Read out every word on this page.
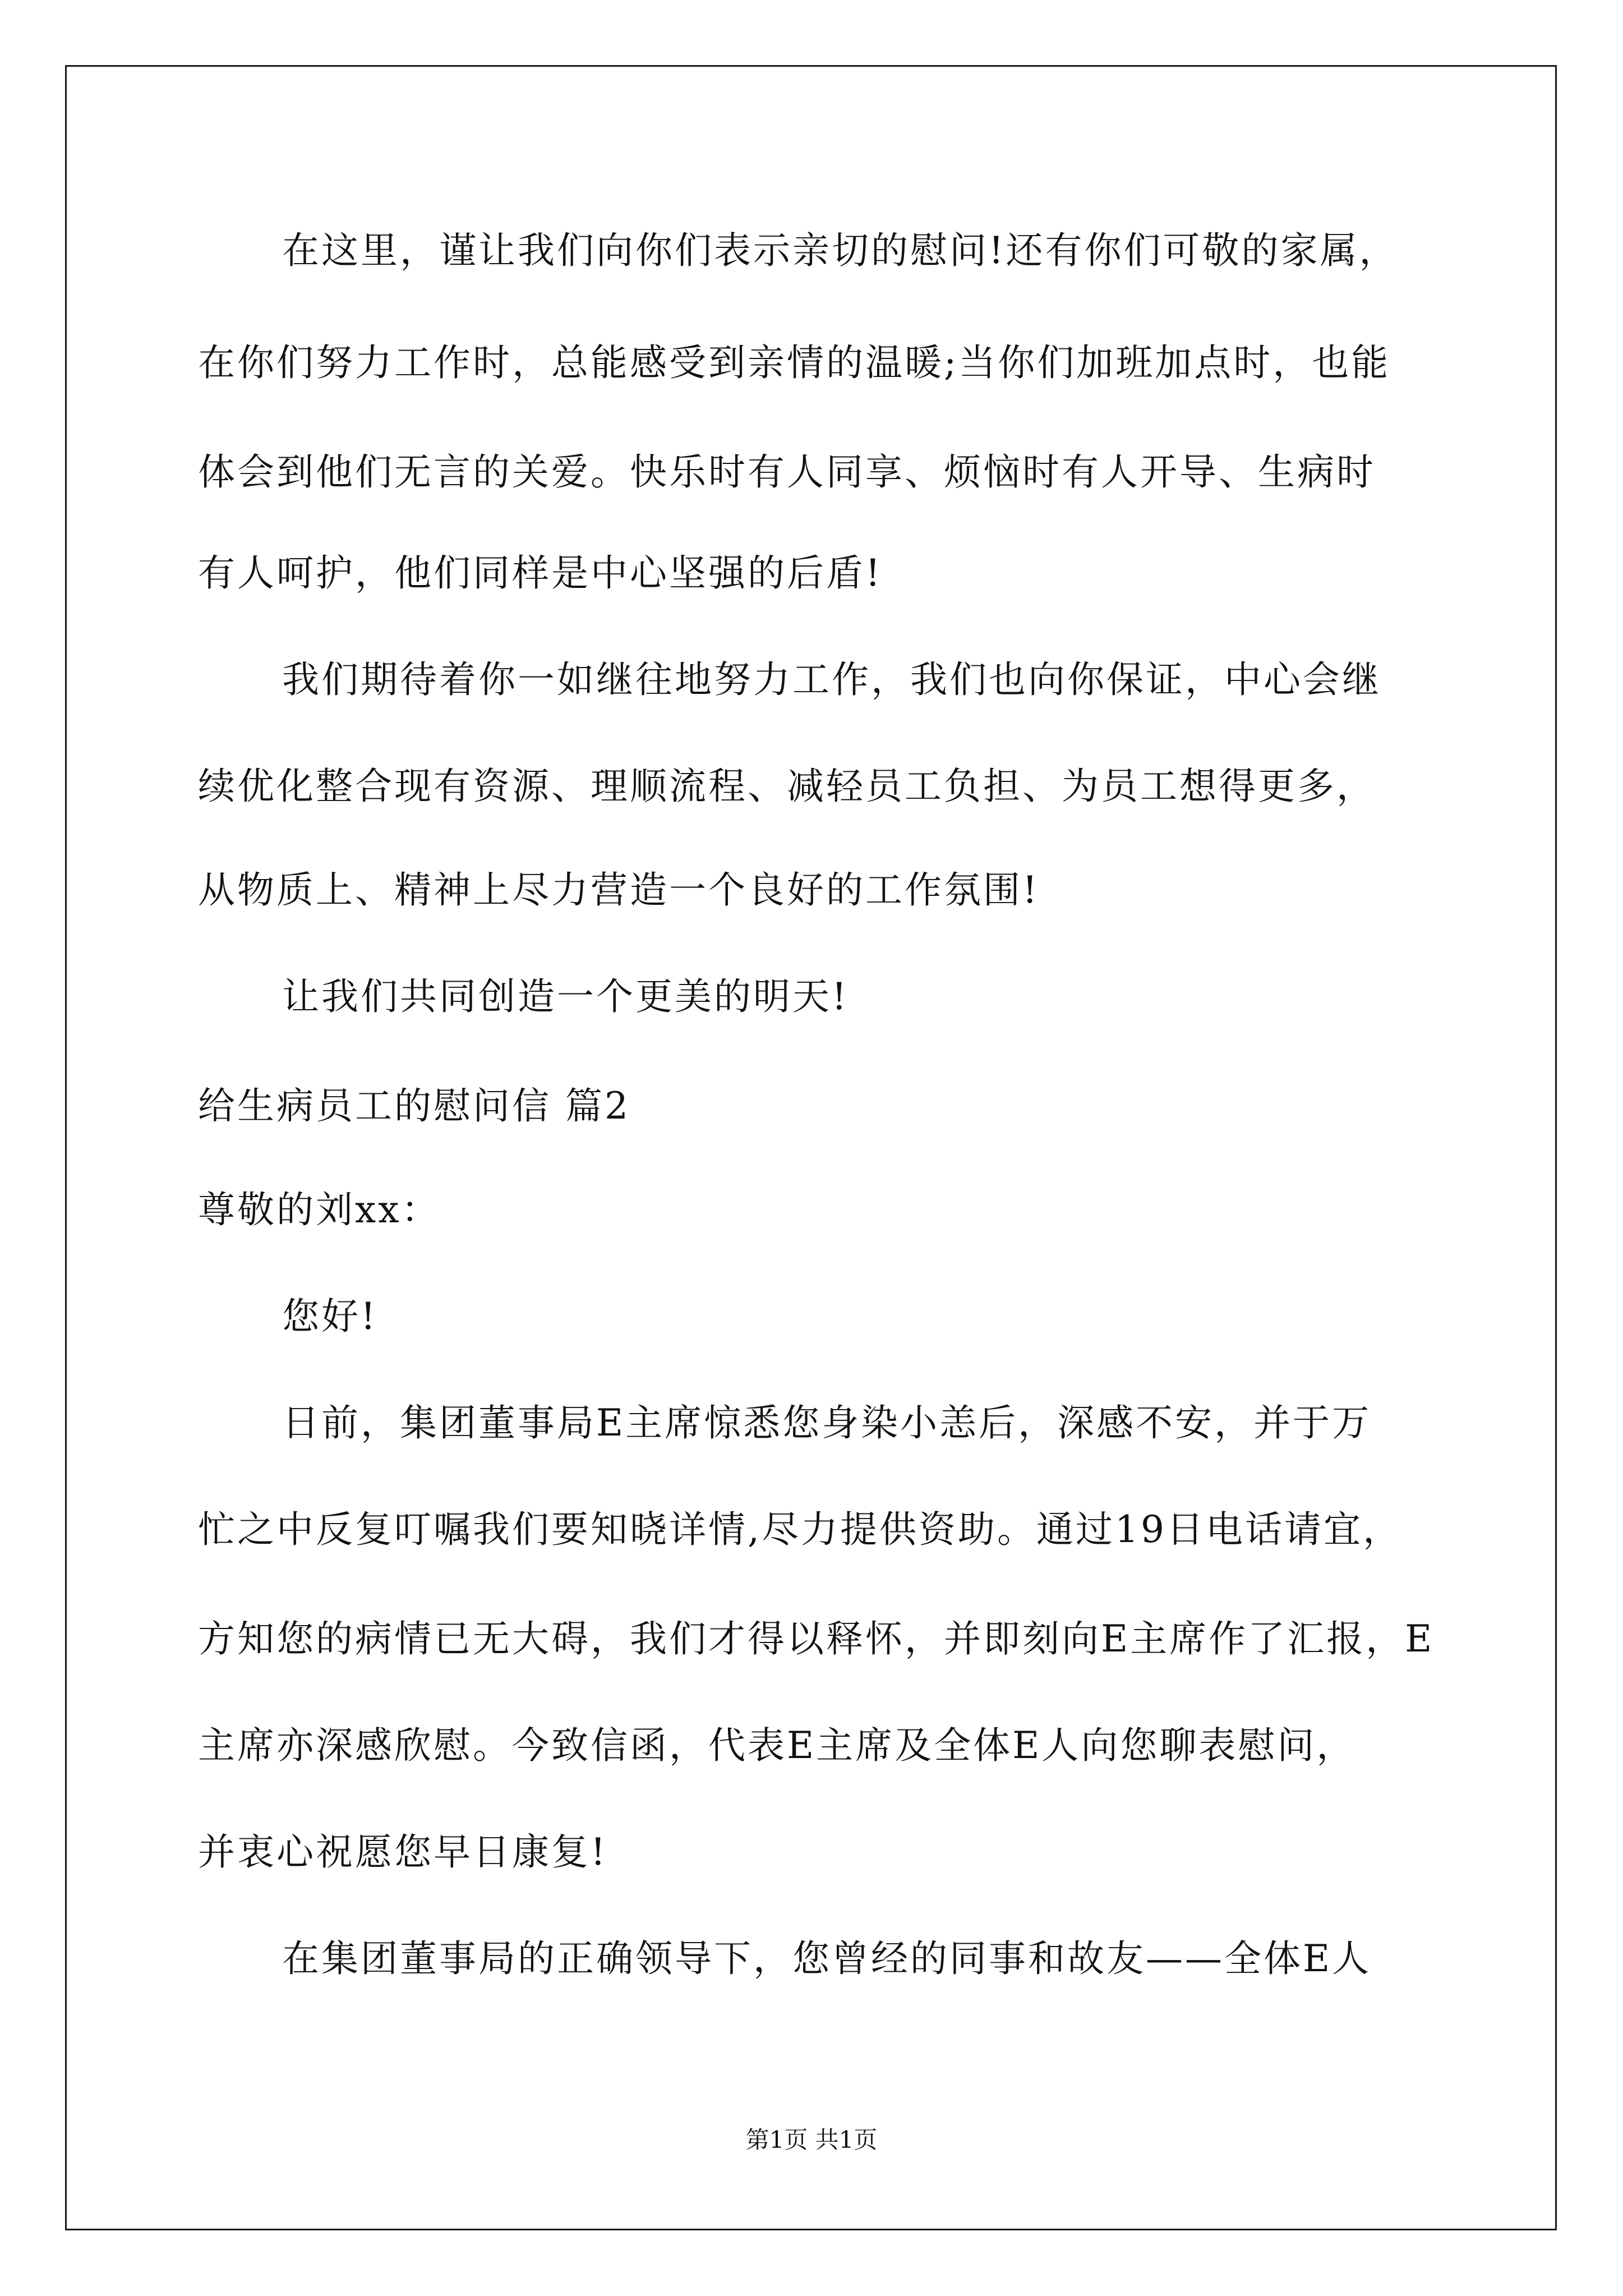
在这里，谨让我们向你们表示亲切的慰问!还有你们可敬的家属，
在你们努力工作时，总能感受到亲情的温暖;当你们加班加点时，也能
体会到他们无言的关爱。快乐时有人同享、烦恼时有人开导、生病时
有人呵护，他们同样是中心坚强的后盾!
我们期待着你一如继往地努力工作，我们也向你保证，中心会继
续优化整合现有资源、理顺流程、减轻员工负担、为员工想得更多，
从物质上、精神上尽力营造一个良好的工作氛围!
让我们共同创造一个更美的明天!
给生病员工的慰问信 篇2
尊敬的刘xx：
您好!
日前，集团董事局E主席惊悉您身染小恙后，深感不安，并于万
忙之中反复叮嘱我们要知晓详情,尽力提供资助。通过19日电话请宜，
方知您的病情已无大碍，我们才得以释怀，并即刻向E主席作了汇报，E
主席亦深感欣慰。今致信函，代表E主席及全体E人向您聊表慰问，
并衷心祝愿您早日康复!
在集团董事局的正确领导下，您曾经的同事和故友——全体E人
第1页 共1页
